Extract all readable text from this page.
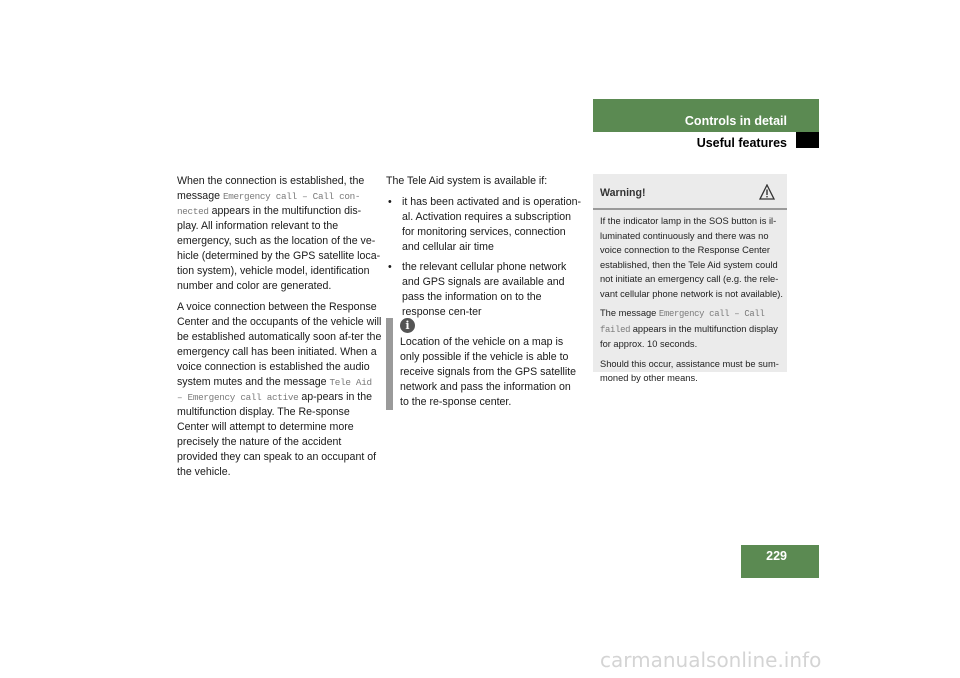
Controls in detail
Useful features

When the connection is established, the message Emergency call – Call con-nected appears in the multifunction dis-play. All information relevant to the emergency, such as the location of the ve-hicle (determined by the GPS satellite loca-tion system), vehicle model, identification number and color are generated.

A voice connection between the Response Center and the occupants of the vehicle will be established automatically soon af-ter the emergency call has been initiated. When a voice connection is established the audio system mutes and the message Tele Aid – Emergency call active ap-pears in the multifunction display. The Re-sponse Center will attempt to determine more precisely the nature of the accident provided they can speak to an occupant of the vehicle.

The Tele Aid system is available if:

• it has been activated and is operation-al. Activation requires a subscription for monitoring services, connection and cellular air time
• the relevant cellular phone network and GPS signals are available and pass the information on to the response cen-ter
i
Location of the vehicle on a map is only possible if the vehicle is able to receive signals from the GPS satellite network and pass the information on to the re-sponse center.
Warning!

If the indicator lamp in the SOS button is il-luminated continuously and there was no voice connection to the Response Center established, then the Tele Aid system could not initiate an emergency call (e.g. the rele-vant cellular phone network is not available).

The message Emergency call – Call failed appears in the multifunction display for approx. 10 seconds.

Should this occur, assistance must be sum-moned by other means.

229
carmanualsonline.info
